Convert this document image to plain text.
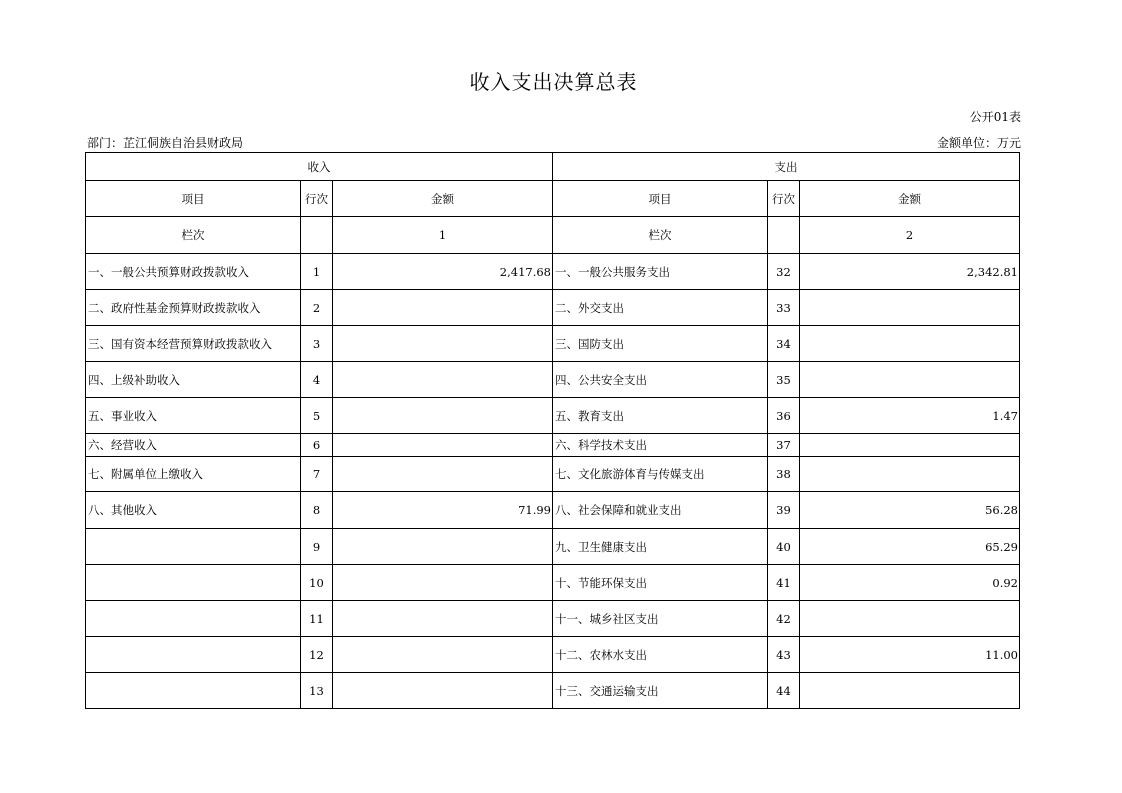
收入支出决算总表
公开01表
部门：芷江侗族自治县财政局	金额单位：万元
收入			支出		
项目	行次	金额	项目	行次	金额
栏次		1	栏次		2
一、一般公共预算财政拨款收入	1	2,417.68	一、一般公共服务支出	32	2,342.81
二、政府性基金预算财政拨款收入	2		二、外交支出	33	
三、国有资本经营预算财政拨款收入	3		三、国防支出	34	
四、上级补助收入	4		四、公共安全支出	35	
五、事业收入	5		五、教育支出	36	1.47
六、经营收入	6		六、科学技术支出	37	
七、附属单位上缴收入	7		七、文化旅游体育与传媒支出	38	
八、其他收入	8	71.99	八、社会保障和就业支出	39	56.28
	9		九、卫生健康支出	40	65.29
	10		十、节能环保支出	41	0.92
	11		十一、城乡社区支出	42	
	12		十二、农林水支出	43	11.00
	13		十三、交通运输支出	44	
